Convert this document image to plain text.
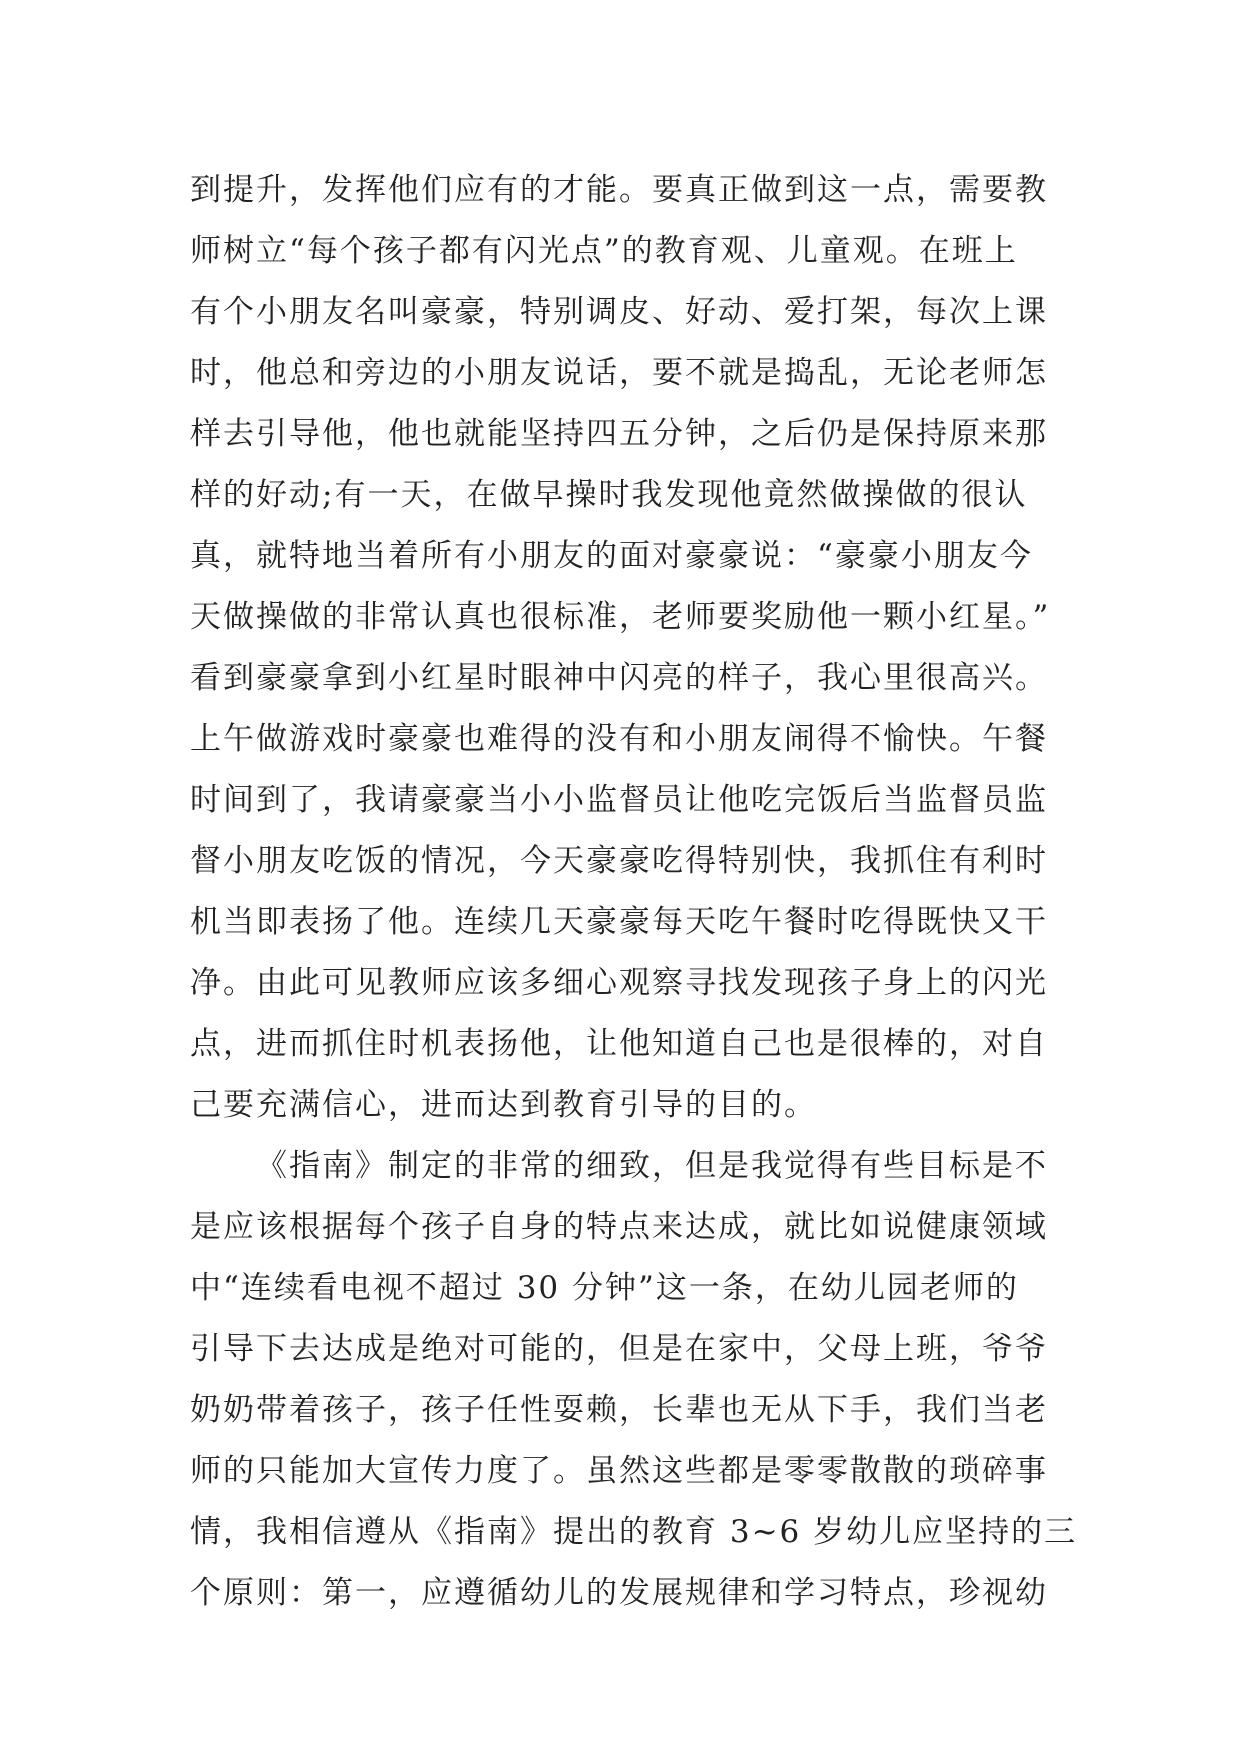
到提升，发挥他们应有的才能。要真正做到这一点，需要教
师树立“每个孩子都有闪光点”的教育观、儿童观。在班上
有个小朋友名叫豪豪，特别调皮、好动、爱打架，每次上课
时，他总和旁边的小朋友说话，要不就是捣乱，无论老师怎
样去引导他，他也就能坚持四五分钟，之后仍是保持原来那
样的好动;有一天，在做早操时我发现他竟然做操做的很认
真，就特地当着所有小朋友的面对豪豪说：“豪豪小朋友今
天做操做的非常认真也很标准，老师要奖励他一颗小红星。”
看到豪豪拿到小红星时眼神中闪亮的样子，我心里很高兴。
上午做游戏时豪豪也难得的没有和小朋友闹得不愉快。午餐
时间到了，我请豪豪当小小监督员让他吃完饭后当监督员监
督小朋友吃饭的情况，今天豪豪吃得特别快，我抓住有利时
机当即表扬了他。连续几天豪豪每天吃午餐时吃得既快又干
净。由此可见教师应该多细心观察寻找发现孩子身上的闪光
点，进而抓住时机表扬他，让他知道自己也是很棒的，对自
己要充满信心，进而达到教育引导的目的。
《指南》制定的非常的细致，但是我觉得有些目标是不
是应该根据每个孩子自身的特点来达成，就比如说健康领域
中“连续看电视不超过 30 分钟”这一条，在幼儿园老师的
引导下去达成是绝对可能的，但是在家中，父母上班，爷爷
奶奶带着孩子，孩子任性耍赖，长辈也无从下手，我们当老
师的只能加大宣传力度了。虽然这些都是零零散散的琐碎事
情，我相信遵从《指南》提出的教育 3~6 岁幼儿应坚持的三
个原则：第一，应遵循幼儿的发展规律和学习特点，珍视幼
